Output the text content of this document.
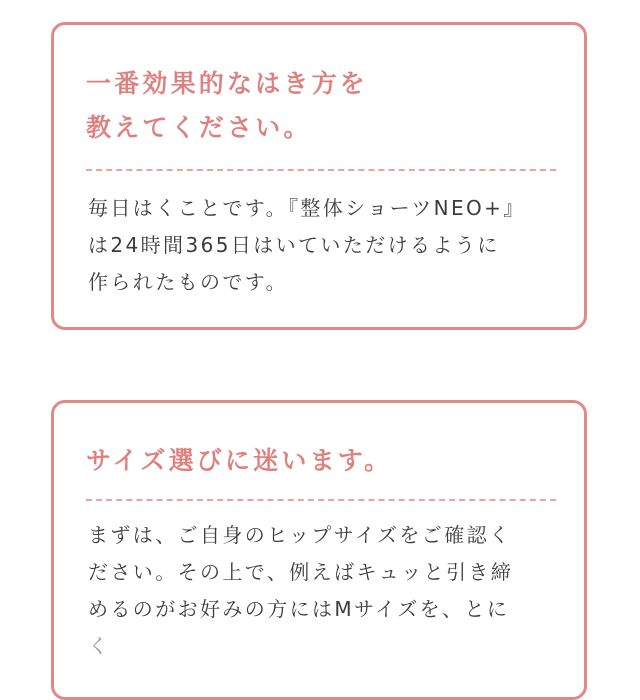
一番効果的なはき方を
教えてください。
毎日はくことです。『整体ショーツNEO+』
は24時間365日はいていただけるように
作られたものです。
サイズ選びに迷います。
まずは、ご自身のヒップサイズをご確認く
ださい。その上で、例えばキュッと引き締
めるのがお好みの方にはMサイズを、とに
く
